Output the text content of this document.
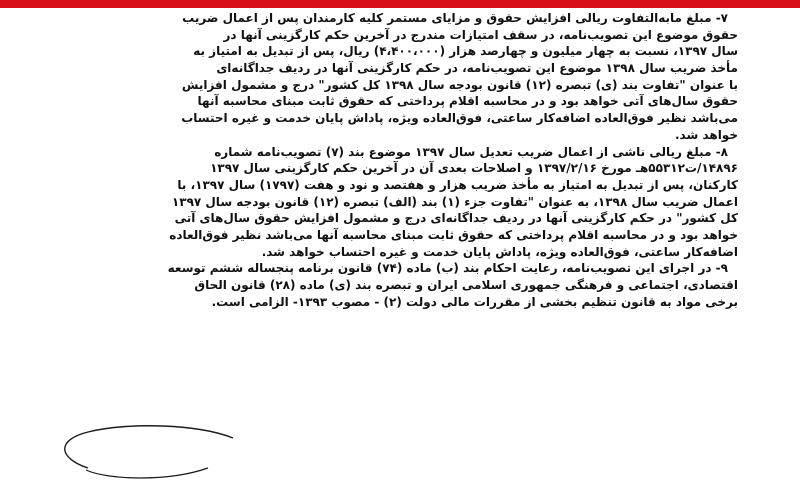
۷- مبلغ مابه‌التفاوت ریالی افزایش حقوق و مزایای مستمر کلیه کارمندان پس از اعمال ضریب
حقوق موضوع این تصویب‌نامه، در سقف امتیازات مندرج در آخرین حکم کارگزینی آنها در
سال ۱۳۹۷، نسبت به چهار میلیون و چهارصد هزار (۴،۴۰۰،۰۰۰) ریال، پس از تبدیل به امتیاز به
مأخذ ضریب سال ۱۳۹۸ موضوع این تصویب‌نامه، در حکم کارگزینی آنها در ردیف جداگانه‌ای
با عنوان "تفاوت بند (ی) تبصره (۱۲) قانون بودجه سال ۱۳۹۸ کل کشور" درج و مشمول افزایش
حقوق سال‌های آتی خواهد بود و در محاسبه اقلام پرداختی که حقوق ثابت مبنای محاسبه آنها
می‌باشد نظیر فوق‌العاده اضافه‌کار ساعتی، فوق‌العاده ویژه، پاداش پایان خدمت و غیره احتساب
خواهد شد.
۸- مبلغ ریالی ناشی از اعمال ضریب تعدیل سال ۱۳۹۷ موضوع بند (۷) تصویب‌نامه شماره
۱۴۸۹۶/ت۵۵۳۱۲هـ مورخ ۱۳۹۷/۲/۱۶ و اصلاحات بعدی آن در آخرین حکم کارگزینی سال ۱۳۹۷
کارکنان، پس از تبدیل به امتیاز به مأخذ ضریب هزار و هفتصد و نود و هفت (۱۷۹۷) سال ۱۳۹۷، با
اعمال ضریب سال ۱۳۹۸، به عنوان "تفاوت جزء (۱) بند (الف) تبصره (۱۲) قانون بودجه سال ۱۳۹۷
کل کشور" در حکم کارگزینی آنها در ردیف جداگانه‌ای درج و مشمول افزایش حقوق سال‌های آتی
خواهد بود و در محاسبه اقلام پرداختی که حقوق ثابت مبنای محاسبه آنها می‌باشد نظیر فوق‌العاده
اضافه‌کار ساعتی، فوق‌العاده ویژه، پاداش پایان خدمت و غیره احتساب خواهد شد.
۹- در اجرای این تصویب‌نامه، رعایت احکام بند (ب) ماده (۷۴) قانون برنامه پنجساله ششم توسعه
اقتصادی، اجتماعی و فرهنگی جمهوری اسلامی ایران و تبصره بند (ی) ماده (۲۸) قانون الحاق
برخی مواد به قانون تنظیم بخشی از مقررات مالی دولت (۲) - مصوب ۱۳۹۳- الزامی است.
